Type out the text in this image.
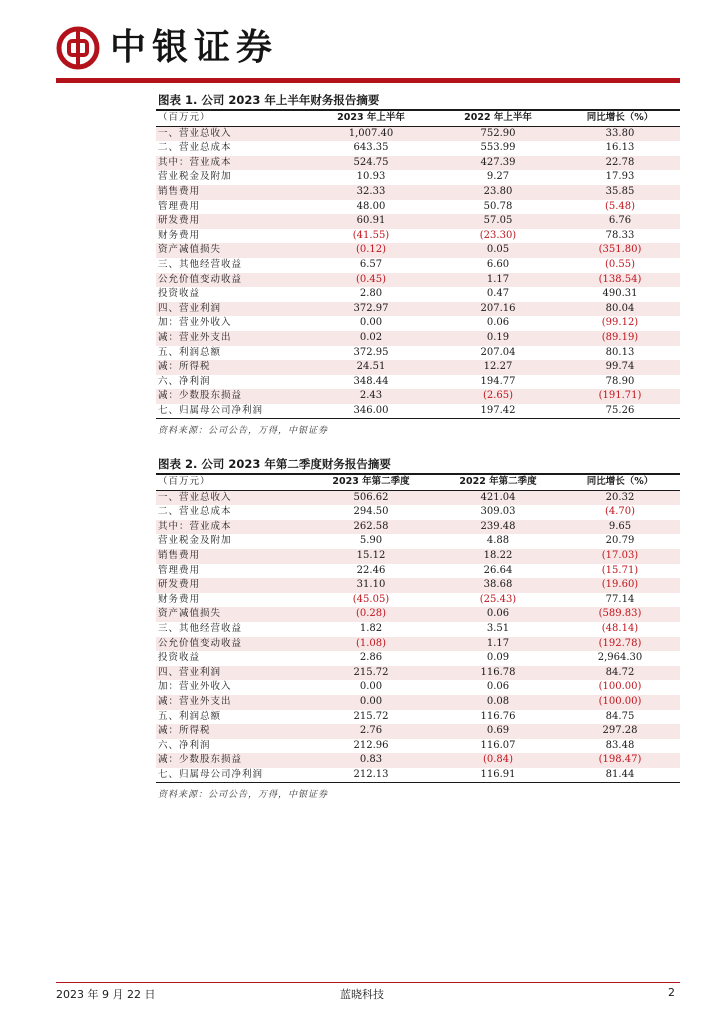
中银证券
图表 1. 公司 2023 年上半年财务报告摘要
（百万元）	2023 年上半年	2022 年上半年	同比增长（%）
一、营业总收入	1,007.40	752.90	33.80
二、营业总成本	643.35	553.99	16.13
其中：营业成本	524.75	427.39	22.78
营业税金及附加	10.93	9.27	17.93
销售费用	32.33	23.80	35.85
管理费用	48.00	50.78	(5.48)
研发费用	60.91	57.05	6.76
财务费用	(41.55)	(23.30)	78.33
资产减值损失	(0.12)	0.05	(351.80)
三、其他经营收益	6.57	6.60	(0.55)
公允价值变动收益	(0.45)	1.17	(138.54)
投资收益	2.80	0.47	490.31
四、营业利润	372.97	207.16	80.04
加：营业外收入	0.00	0.06	(99.12)
减：营业外支出	0.02	0.19	(89.19)
五、利润总额	372.95	207.04	80.13
减：所得税	24.51	12.27	99.74
六、净利润	348.44	194.77	78.90
减：少数股东损益	2.43	(2.65)	(191.71)
七、归属母公司净利润	346.00	197.42	75.26
资料来源：公司公告，万得，中银证券
图表 2. 公司 2023 年第二季度财务报告摘要
（百万元）	2023 年第二季度	2022 年第二季度	同比增长（%）
一、营业总收入	506.62	421.04	20.32
二、营业总成本	294.50	309.03	(4.70)
其中：营业成本	262.58	239.48	9.65
营业税金及附加	5.90	4.88	20.79
销售费用	15.12	18.22	(17.03)
管理费用	22.46	26.64	(15.71)
研发费用	31.10	38.68	(19.60)
财务费用	(45.05)	(25.43)	77.14
资产减值损失	(0.28)	0.06	(589.83)
三、其他经营收益	1.82	3.51	(48.14)
公允价值变动收益	(1.08)	1.17	(192.78)
投资收益	2.86	0.09	2,964.30
四、营业利润	215.72	116.78	84.72
加：营业外收入	0.00	0.06	(100.00)
减：营业外支出	0.00	0.08	(100.00)
五、利润总额	215.72	116.76	84.75
减：所得税	2.76	0.69	297.28
六、净利润	212.96	116.07	83.48
减：少数股东损益	0.83	(0.84)	(198.47)
七、归属母公司净利润	212.13	116.91	81.44
资料来源：公司公告，万得，中银证券
2023 年 9 月 22 日	蓝晓科技	2
